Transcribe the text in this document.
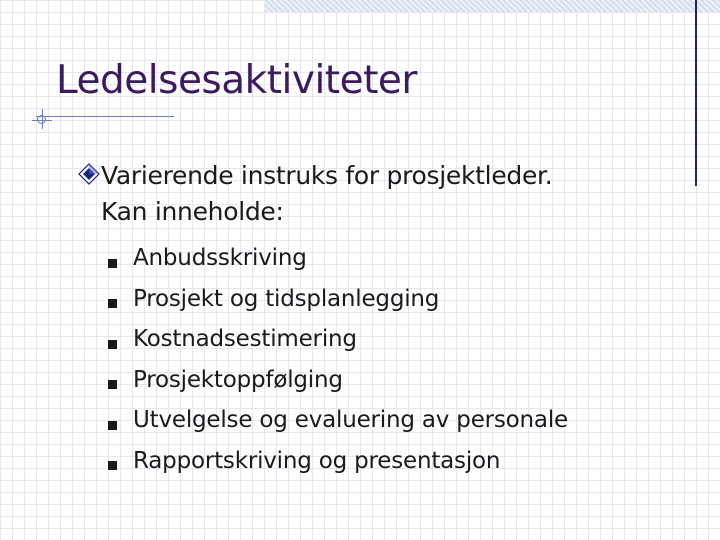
Ledelsesaktiviteter

Varierende instruks for prosjektleder.
Kan inneholde:

Anbudsskriving
Prosjekt og tidsplanlegging
Kostnadsestimering
Prosjektoppfølging
Utvelgelse og evaluering av personale
Rapportskriving og presentasjon
